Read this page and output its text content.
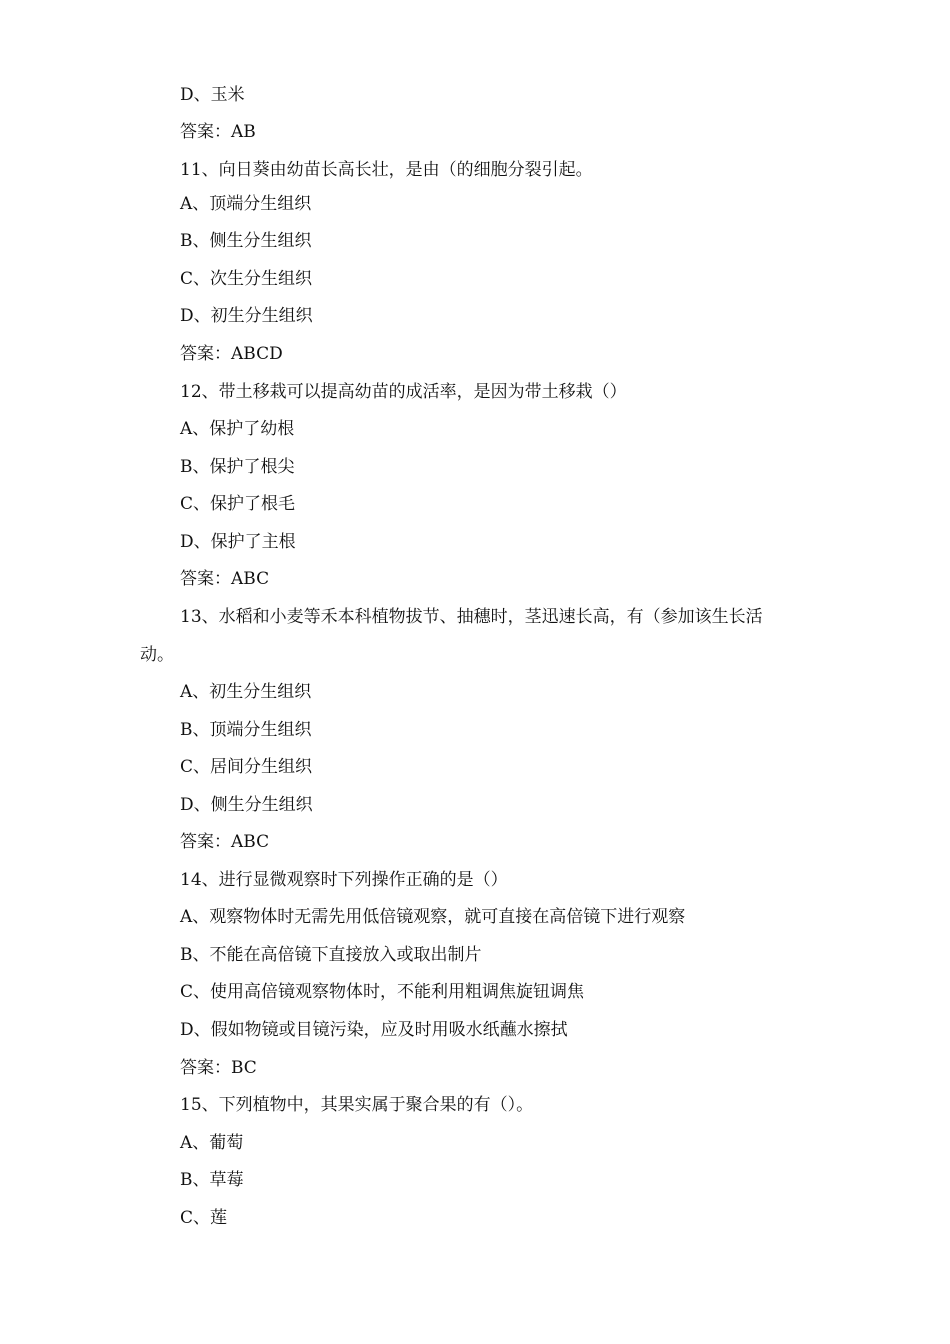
D、玉米
答案：AB
11、向日葵由幼苗长高长壮，是由（的细胞分裂引起。
A、顶端分生组织
B、侧生分生组织
C、次生分生组织
D、初生分生组织
答案：ABCD
12、带土移栽可以提高幼苗的成活率，是因为带土移栽（）
A、保护了幼根
B、保护了根尖
C、保护了根毛
D、保护了主根
答案：ABC
13、水稻和小麦等禾本科植物拔节、抽穗时，茎迅速长高，有（参加该生长活
动。
A、初生分生组织
B、顶端分生组织
C、居间分生组织
D、侧生分生组织
答案：ABC
14、进行显微观察时下列操作正确的是（）
A、观察物体时无需先用低倍镜观察，就可直接在高倍镜下进行观察
B、不能在高倍镜下直接放入或取出制片
C、使用高倍镜观察物体时，不能利用粗调焦旋钮调焦
D、假如物镜或目镜污染，应及时用吸水纸蘸水擦拭
答案：BC
15、下列植物中，其果实属于聚合果的有（）。
A、葡萄
B、草莓
C、莲
